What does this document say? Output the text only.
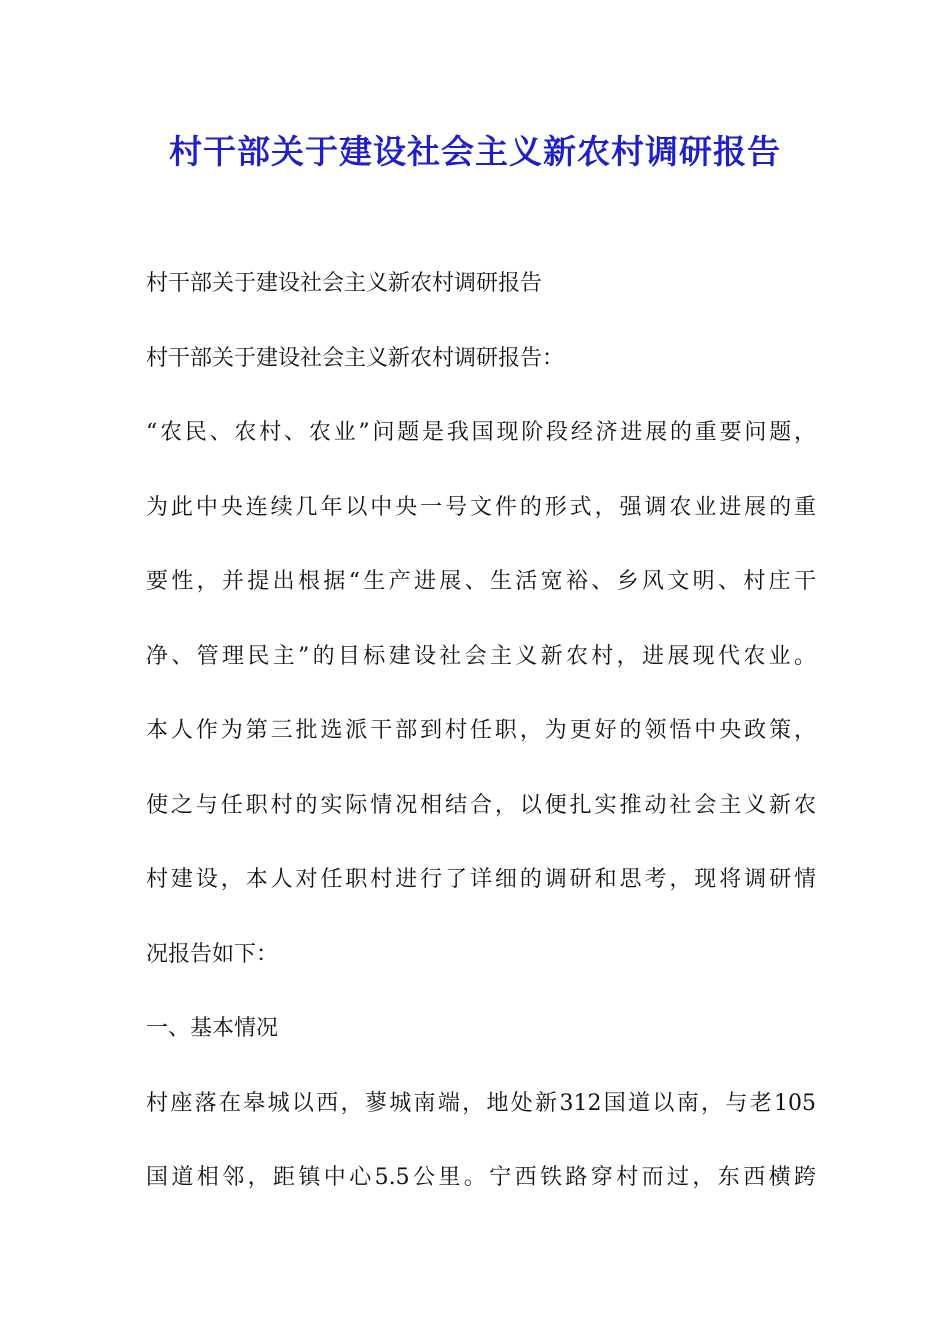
村干部关于建设社会主义新农村调研报告
村干部关于建设社会主义新农村调研报告
村干部关于建设社会主义新农村调研报告：
“农民、农村、农业”问题是我国现阶段经济进展的重要问题，
为此中央连续几年以中央一号文件的形式，强调农业进展的重
要性，并提出根据“生产进展、生活宽裕、乡风文明、村庄干
净、管理民主”的目标建设社会主义新农村，进展现代农业。
本人作为第三批选派干部到村任职，为更好的领悟中央政策，
使之与任职村的实际情况相结合，以便扎实推动社会主义新农
村建设，本人对任职村进行了详细的调研和思考，现将调研情
况报告如下：
一、基本情况
村座落在皋城以西，蓼城南端，地处新312国道以南，与老105
国道相邻，距镇中心5.5公里。宁西铁路穿村而过，东西横跨
